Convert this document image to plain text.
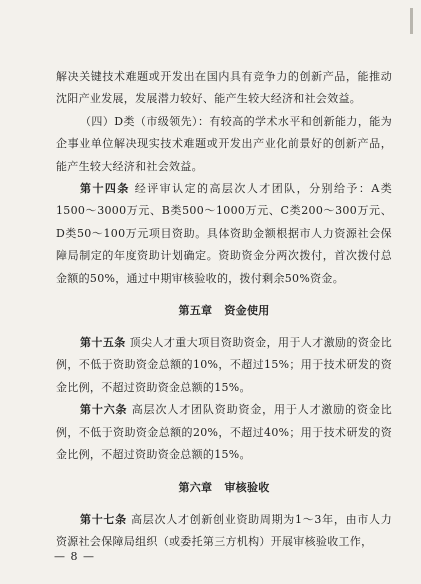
解决关键技术难题或开发出在国内具有竞争力的创新产品，能推动沈阳产业发展，发展潜力较好、能产生较大经济和社会效益。

（四）D类（市级领先）：有较高的学术水平和创新能力，能为企事业单位解决现实技术难题或开发出产业化前景好的创新产品，能产生较大经济和社会效益。

第十四条 经评审认定的高层次人才团队，分别给予：A类1500～3000万元、B类500～1000万元、C类200～300万元、D类50～100万元项目资助。具体资助金额根据市人力资源社会保障局制定的年度资助计划确定。资助资金分两次拨付，首次拨付总金额的50%，通过中期审核验收的，拨付剩余50%资金。

第五章 资金使用

第十五条 顶尖人才重大项目资助资金，用于人才激励的资金比例，不低于资助资金总额的10%，不超过15%；用于技术研发的资金比例，不超过资助资金总额的15%。

第十六条 高层次人才团队资助资金，用于人才激励的资金比例，不低于资助资金总额的20%，不超过40%；用于技术研发的资金比例，不超过资助资金总额的15%。

第六章 审核验收

第十七条 高层次人才创新创业资助周期为1～3年，由市人力资源社会保障局组织（或委托第三方机构）开展审核验收工作，

— 8 —
